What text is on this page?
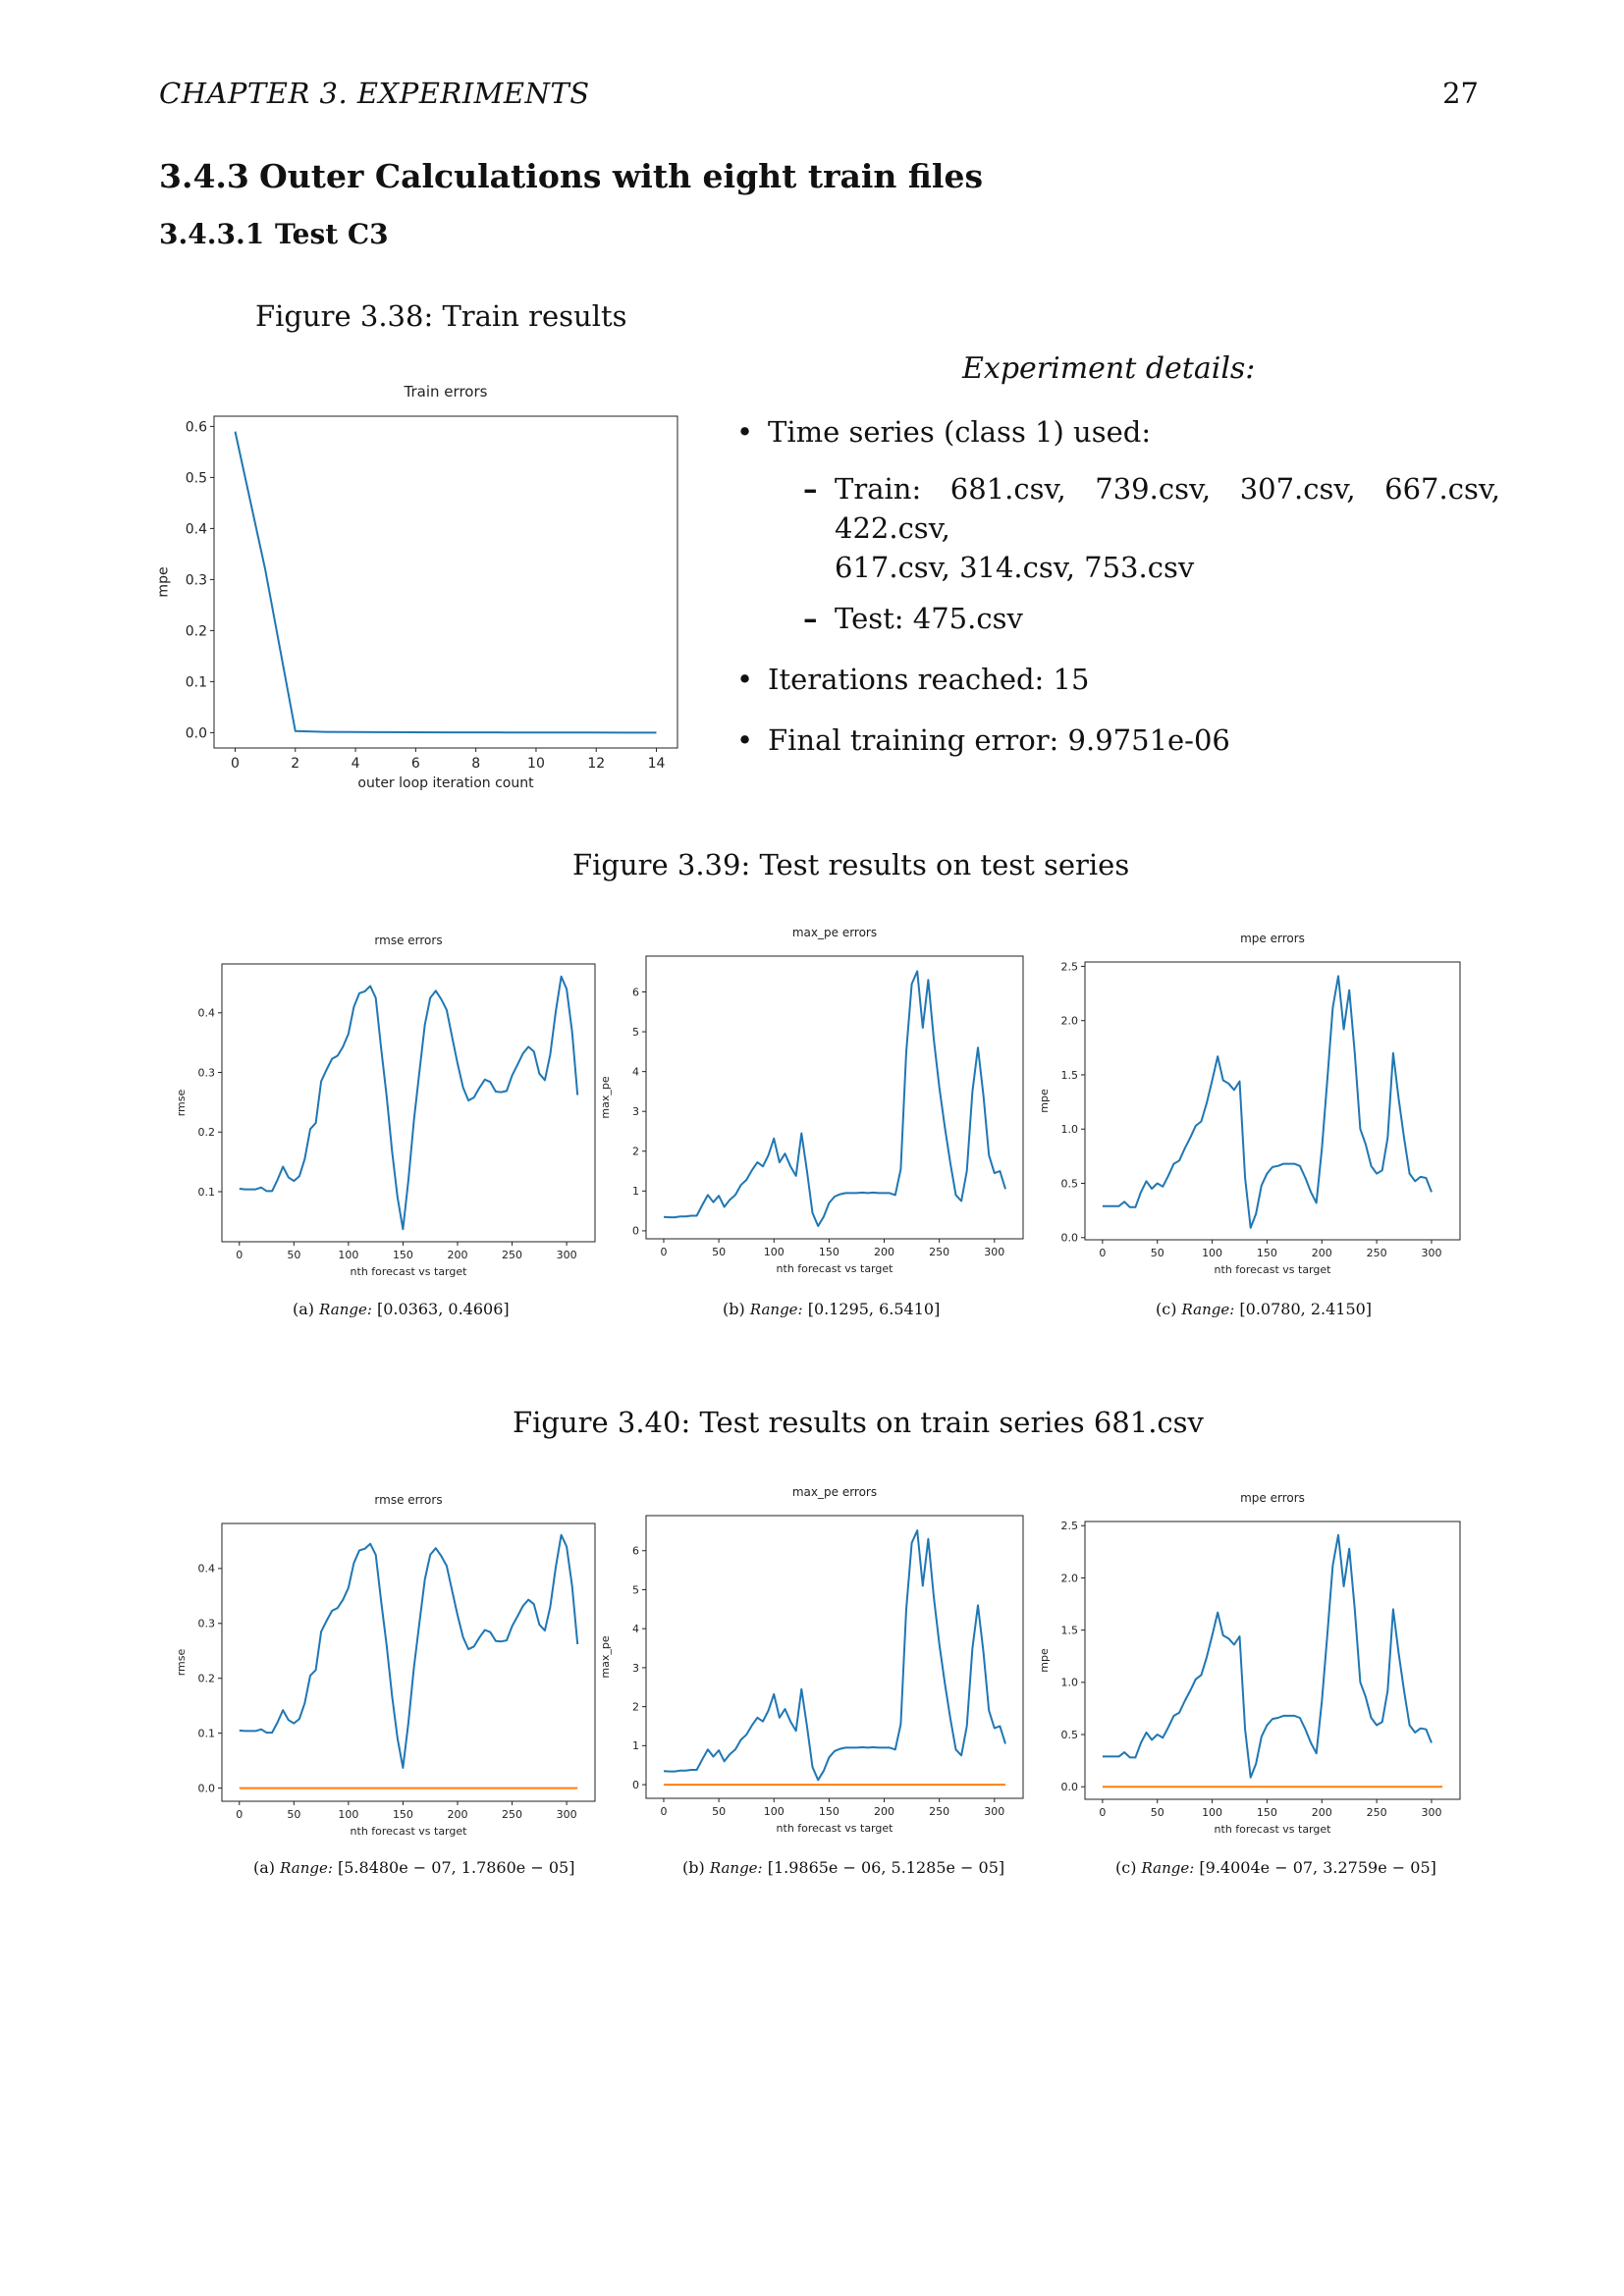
CHAPTER 3. EXPERIMENTS	27
3.4.3 Outer Calculations with eight train files
3.4.3.1 Test C3
Figure 3.38: Train results
Train errors
0	2	4	6	8	10	12	14
0.0
0.1
0.2
0.3
0.4
0.5
0.6
outer loop iteration count
mpe
Experiment details:
• Time series (class 1) used:
– Train: 681.csv, 739.csv, 307.csv, 667.csv, 422.csv,
617.csv, 314.csv, 753.csv
– Test: 475.csv
• Iterations reached: 15
• Final training error: 9.9751e-06
Figure 3.39: Test results on test series
rmse errors
0	50	100	150	200	250	300
0.1
0.2
0.3
0.4
nth forecast vs target
rmse
max_pe errors
0	50	100	150	200	250	300
0
1
2
3
4
5
6
nth forecast vs target
max_pe
mpe errors
0	50	100	150	200	250	300
0.0
0.5
1.0
1.5
2.0
2.5
nth forecast vs target
mpe
(a) Range: [0.0363, 0.4606]	(b) Range: [0.1295, 6.5410]	(c) Range: [0.0780, 2.4150]
Figure 3.40: Test results on train series 681.csv
rmse errors
0	50	100	150	200	250	300
0.0
0.1
0.2
0.3
0.4
nth forecast vs target
rmse
max_pe errors
0	50	100	150	200	250	300
0
1
2
3
4
5
6
nth forecast vs target
max_pe
mpe errors
0	50	100	150	200	250	300
0.0
0.5
1.0
1.5
2.0
2.5
nth forecast vs target
mpe
(a) Range: [5.8480e − 07, 1.7860e − 05]	(b) Range: [1.9865e − 06, 5.1285e − 05]	(c) Range: [9.4004e − 07, 3.2759e − 05]
